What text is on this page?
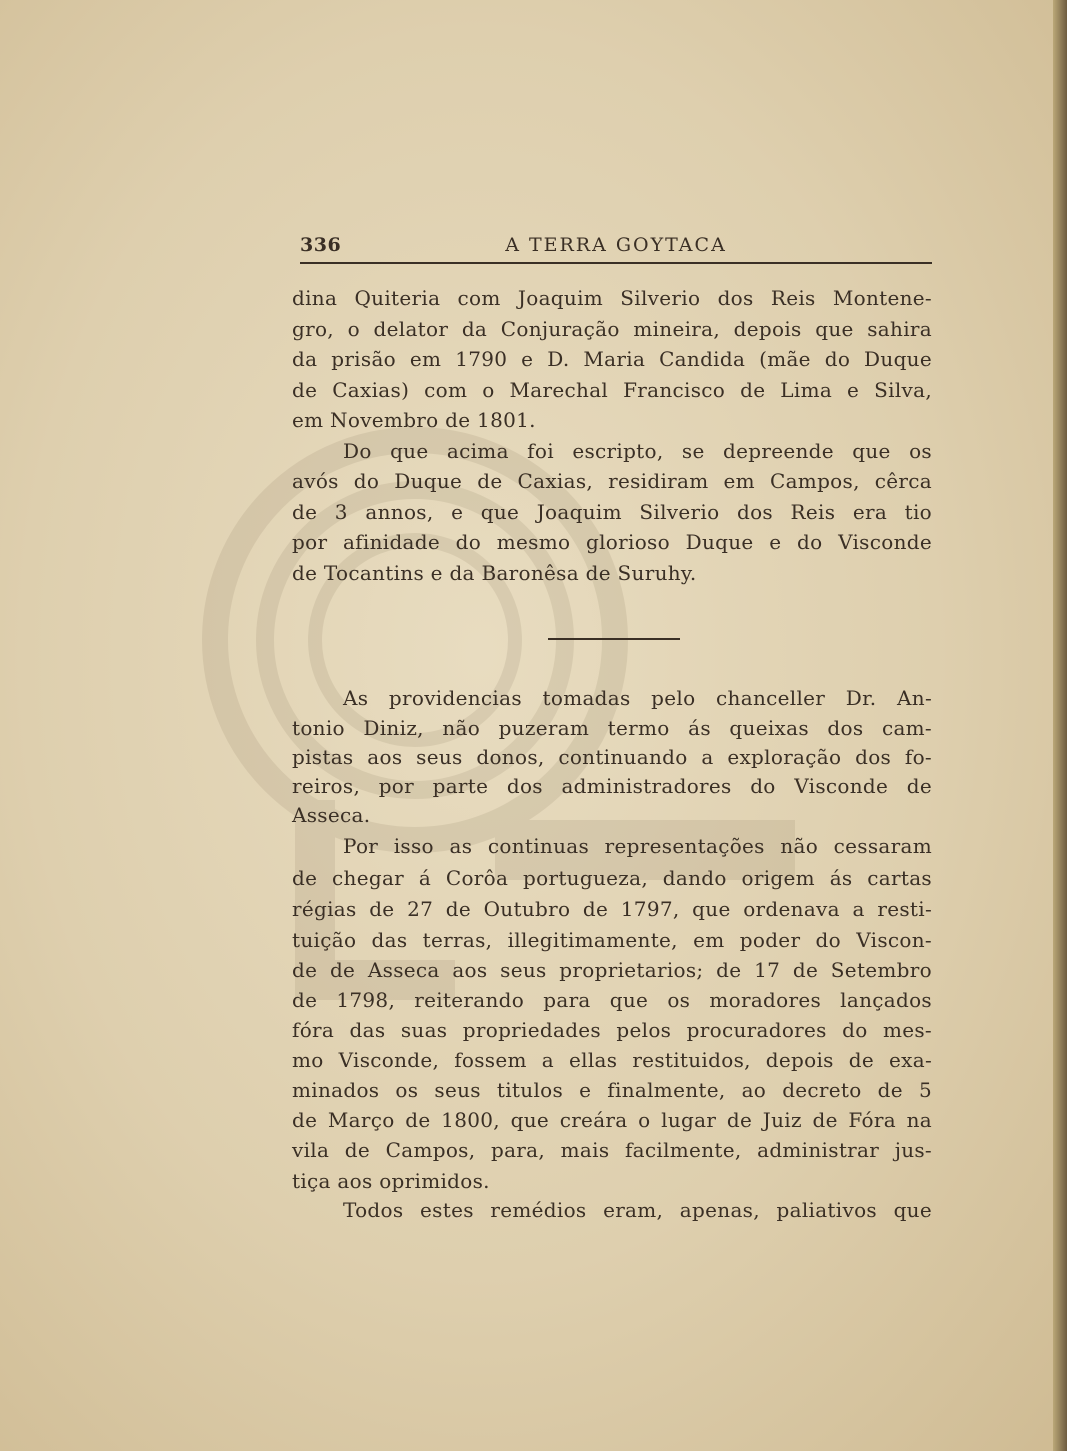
336	A TERRA GOYTACA
dina Quiteria com Joaquim Silverio dos Reis Montene-
gro, o delator da Conjuração mineira, depois que sahira
da prisão em 1790 e D. Maria Candida (mãe do Duque
de Caxias) com o Marechal Francisco de Lima e Silva,
em Novembro de 1801.
Do que acima foi escripto, se depreende que os
avós do Duque de Caxias, residiram em Campos, cêrca
de 3 annos, e que Joaquim Silverio dos Reis era tio
por afinidade do mesmo glorioso Duque e do Visconde
de Tocantins e da Baronêsa de Suruhy.
As providencias tomadas pelo chanceller Dr. An-
tonio Diniz, não puzeram termo ás queixas dos cam-
pistas aos seus donos, continuando a exploração dos fo-
reiros, por parte dos administradores do Visconde de
Asseca.
Por isso as continuas representações não cessaram
de chegar á Corôa portugueza, dando origem ás cartas
régias de 27 de Outubro de 1797, que ordenava a resti-
tuição das terras, illegitimamente, em poder do Viscon-
de de Asseca aos seus proprietarios; de 17 de Setembro
de 1798, reiterando para que os moradores lançados
fóra das suas propriedades pelos procuradores do mes-
mo Visconde, fossem a ellas restituidos, depois de exa-
minados os seus titulos e finalmente, ao decreto de 5
de Março de 1800, que creára o lugar de Juiz de Fóra na
vila de Campos, para, mais facilmente, administrar jus-
tiça aos oprimidos.
Todos estes remédios eram, apenas, paliativos que
